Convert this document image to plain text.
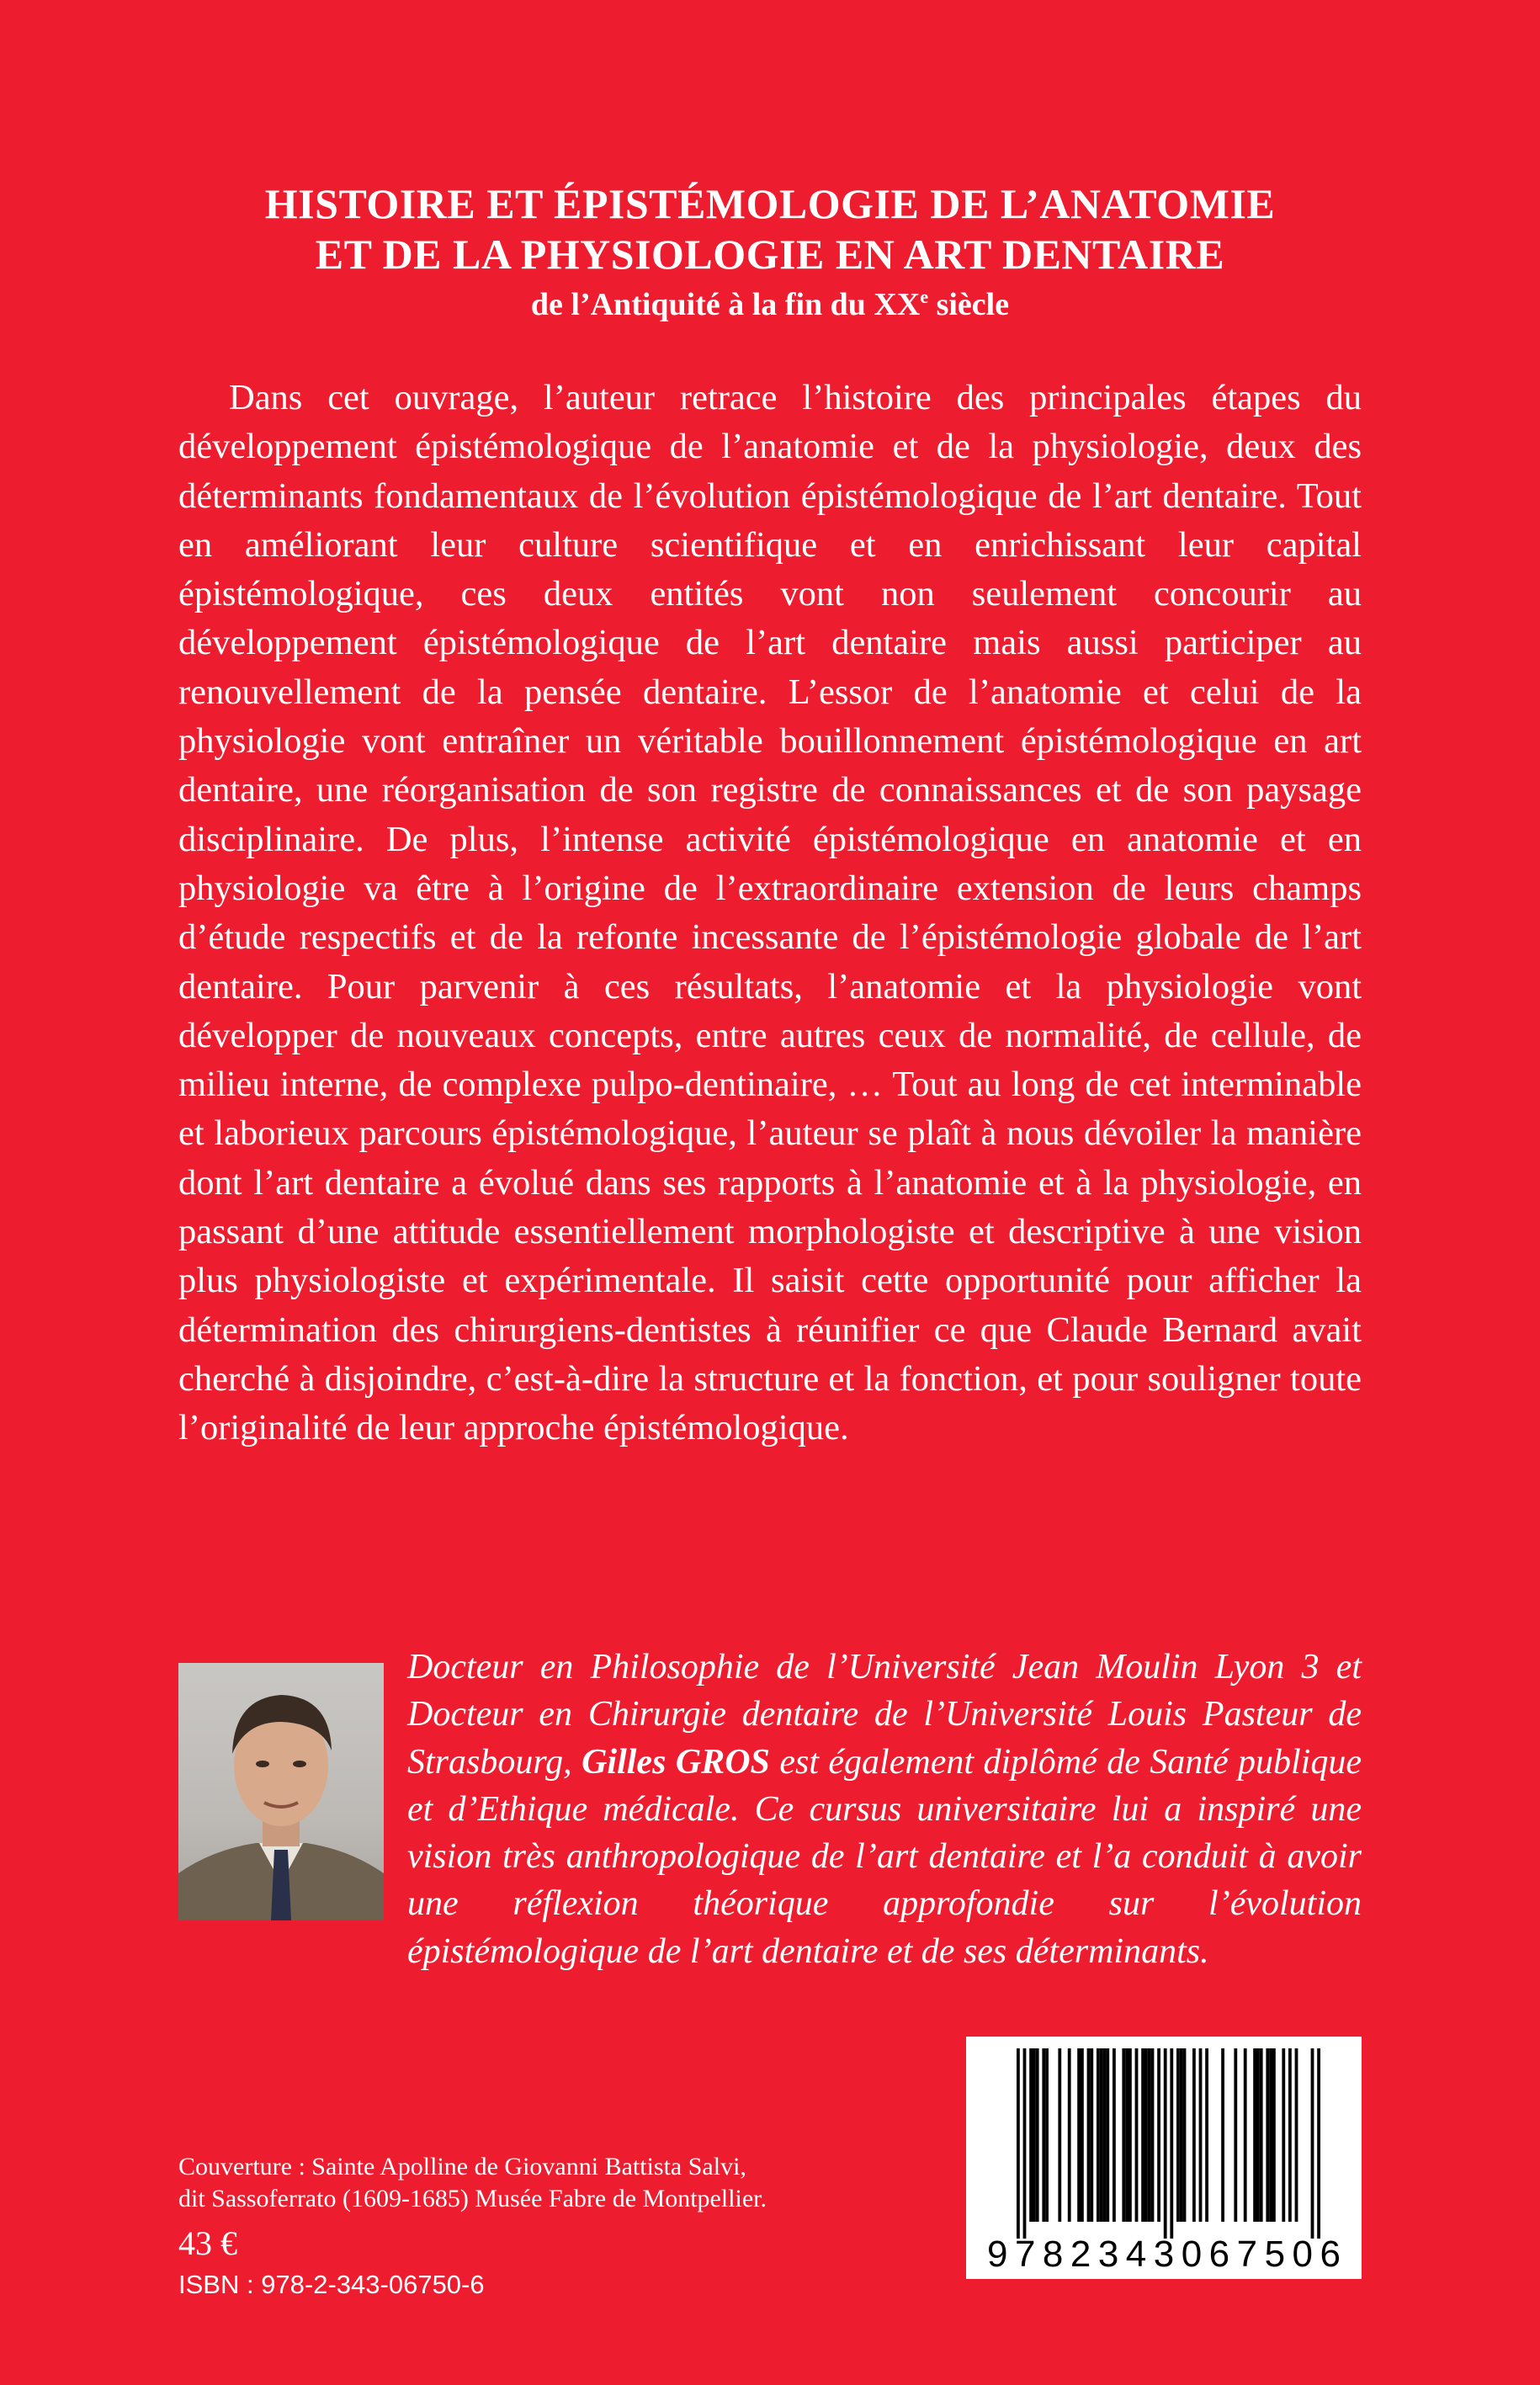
HISTOIRE ET ÉPISTÉMOLOGIE DE L’ANATOMIE
ET DE LA PHYSIOLOGIE EN ART DENTAIRE
de l’Antiquité à la fin du XXe siècle

Dans cet ouvrage, l’auteur retrace l’histoire des principales étapes du développement épistémologique de l’anatomie et de la physiologie, deux des déterminants fondamentaux de l’évolution épistémologique de l’art dentaire. Tout en améliorant leur culture scientifique et en enrichissant leur capital épistémologique, ces deux entités vont non seulement concourir au développement épistémologique de l’art dentaire mais aussi participer au renouvellement de la pensée dentaire. L’essor de l’anatomie et celui de la physiologie vont entraîner un véritable bouillonnement épistémologique en art dentaire, une réorganisation de son registre de connaissances et de son paysage disciplinaire. De plus, l’intense activité épistémologique en anatomie et en physiologie va être à l’origine de l’extraordinaire extension de leurs champs d’étude respectifs et de la refonte incessante de l’épistémologie globale de l’art dentaire. Pour parvenir à ces résultats, l’anatomie et la physiologie vont développer de nouveaux concepts, entre autres ceux de normalité, de cellule, de milieu interne, de complexe pulpo-dentinaire, … Tout au long de cet interminable et laborieux parcours épistémologique, l’auteur se plaît à nous dévoiler la manière dont l’art dentaire a évolué dans ses rapports à l’anatomie et à la physiologie, en passant d’une attitude essentiellement morphologiste et descriptive à une vision plus physiologiste et expérimentale. Il saisit cette opportunité pour afficher la détermination des chirurgiens-dentistes à réunifier ce que Claude Bernard avait cherché à disjoindre, c’est-à-dire la structure et la fonction, et pour souligner toute l’originalité de leur approche épistémologique.

Docteur en Philosophie de l’Université Jean Moulin Lyon 3 et Docteur en Chirurgie dentaire de l’Université Louis Pasteur de Strasbourg, Gilles GROS est également diplômé de Santé publique et d’Ethique médicale. Ce cursus universitaire lui a inspiré une vision très anthropologique de l’art dentaire et l’a conduit à avoir une réflexion théorique approfondie sur l’évolution épistémologique de l’art dentaire et de ses déterminants.

Couverture : Sainte Apolline de Giovanni Battista Salvi,
dit Sassoferrato (1609-1685) Musée Fabre de Montpellier.
43 €
ISBN : 978-2-343-06750-6
9782343067506
